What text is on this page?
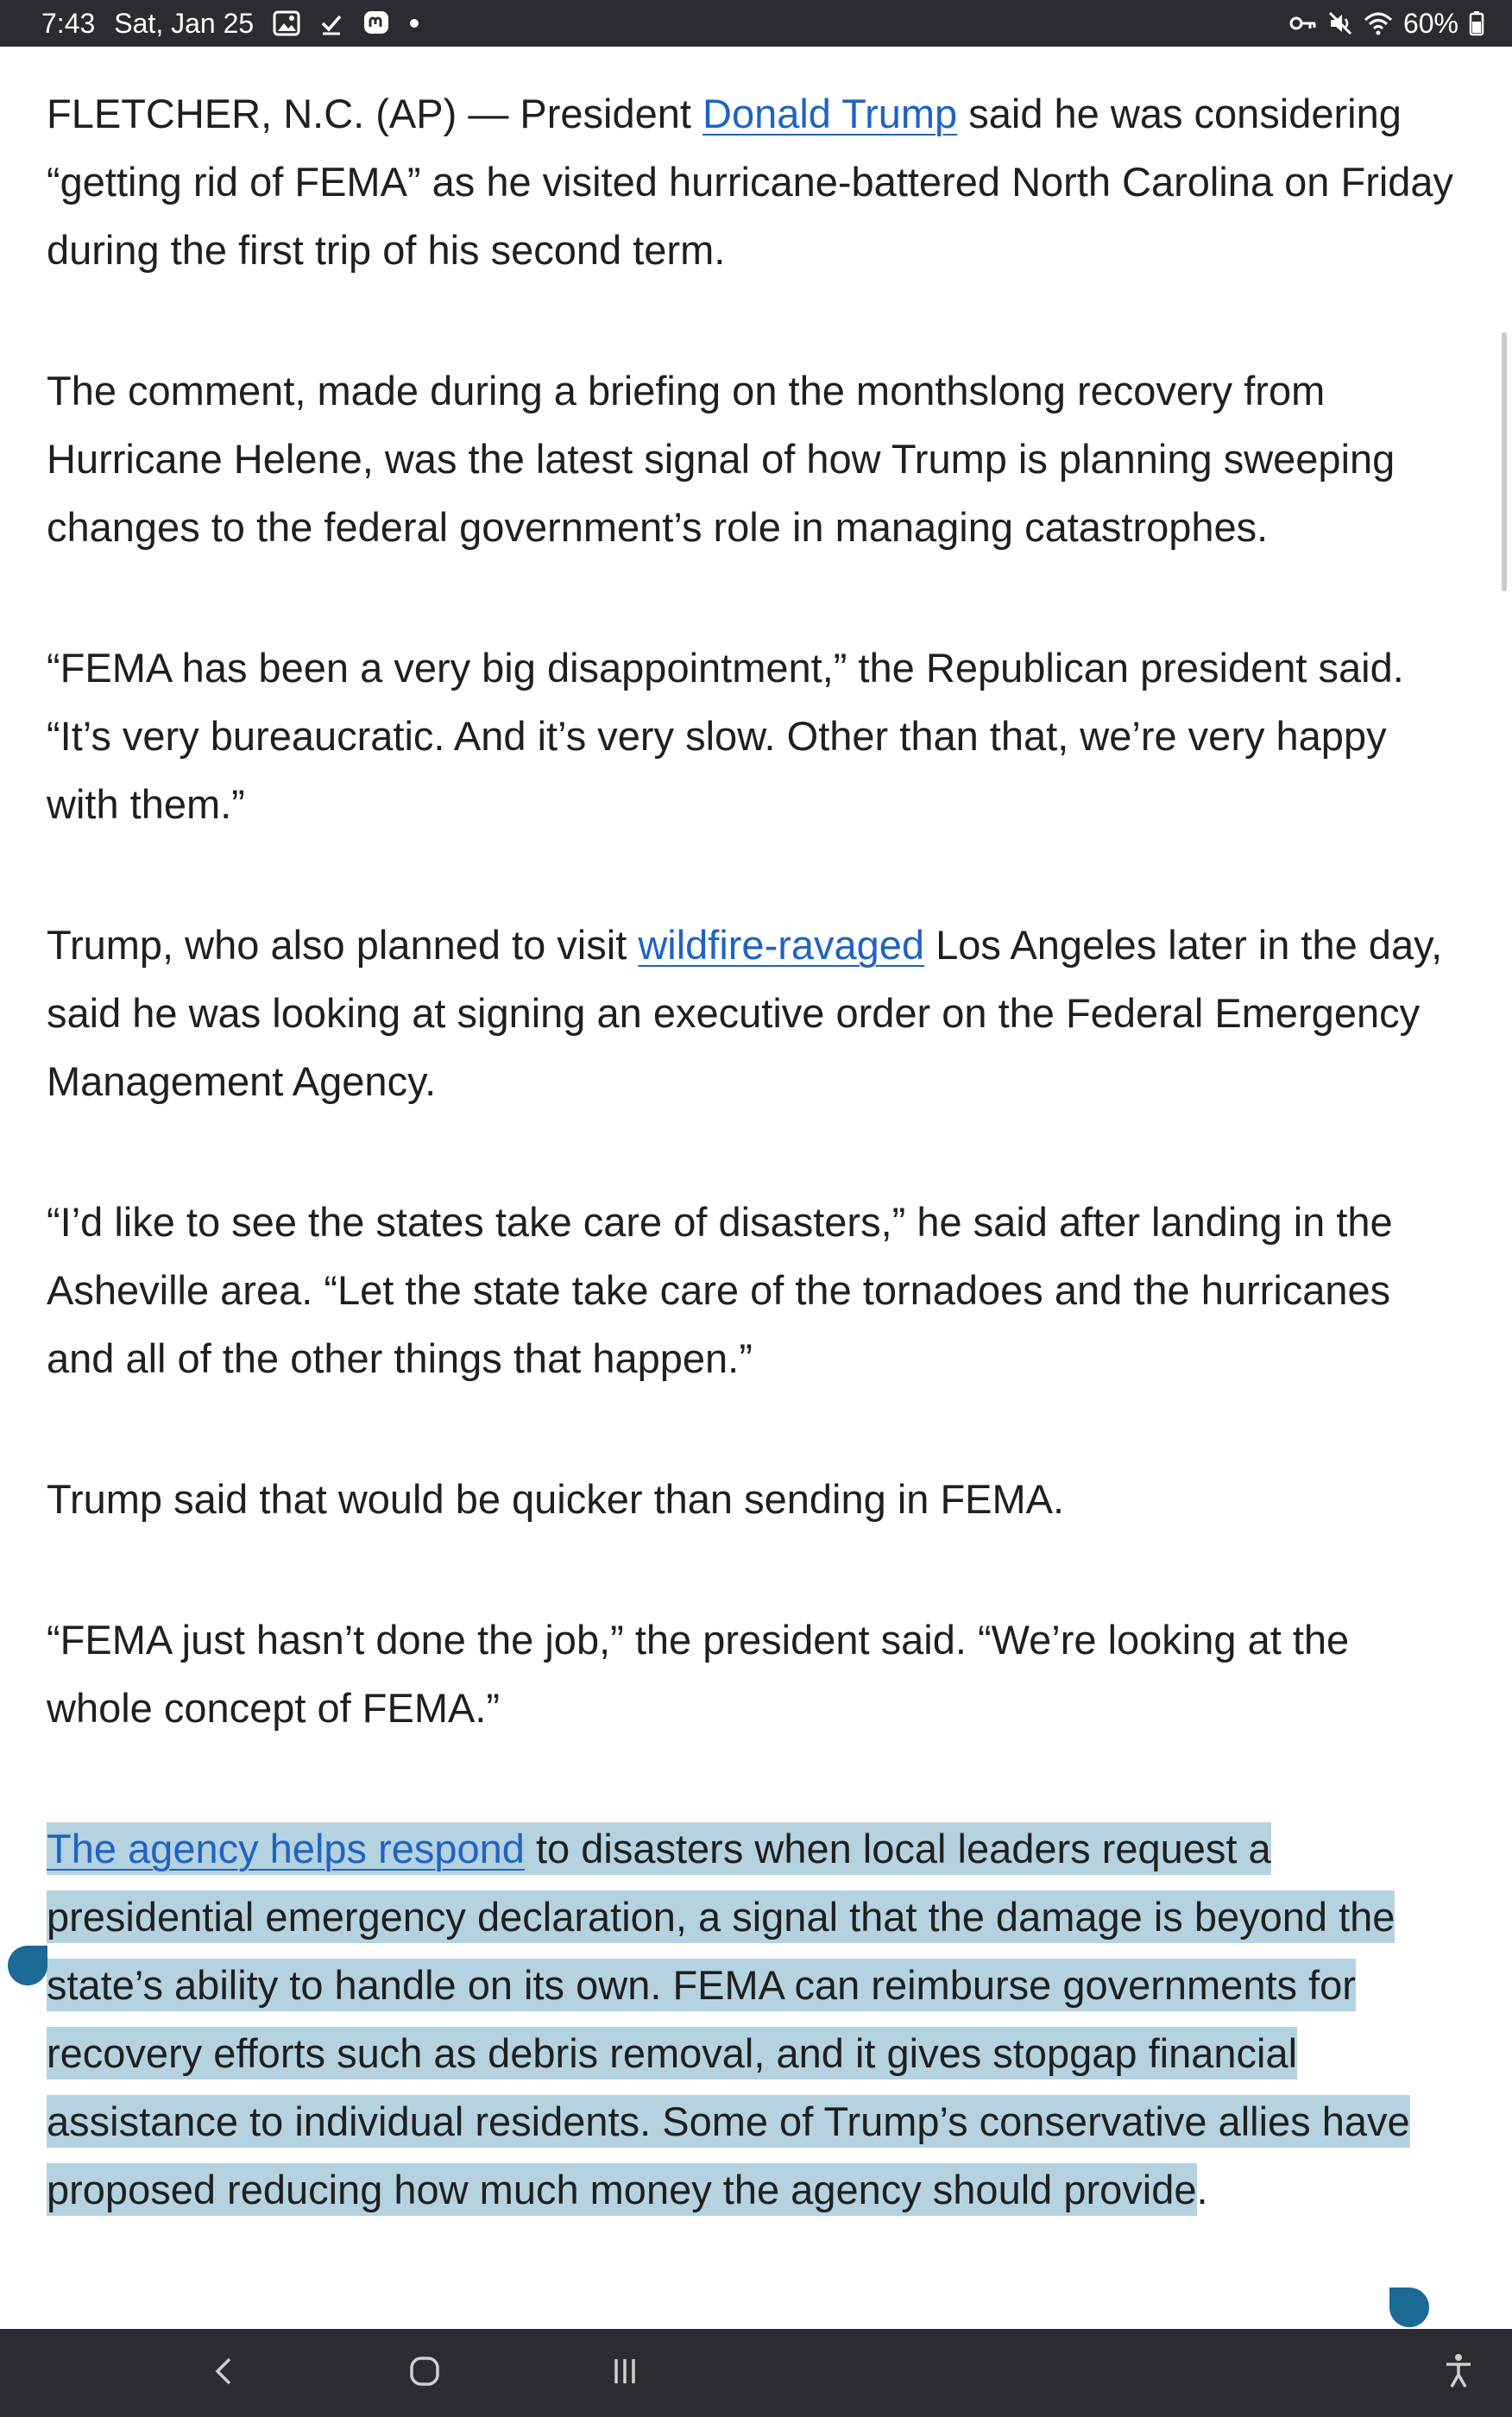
7:43 Sat, Jan 25	60%

FLETCHER, N.C. (AP) — President Donald Trump said he was considering “getting rid of FEMA” as he visited hurricane-battered North Carolina on Friday during the first trip of his second term.

The comment, made during a briefing on the monthslong recovery from Hurricane Helene, was the latest signal of how Trump is planning sweeping changes to the federal government’s role in managing catastrophes.

“FEMA has been a very big disappointment,” the Republican president said. “It’s very bureaucratic. And it’s very slow. Other than that, we’re very happy with them.”

Trump, who also planned to visit wildfire-ravaged Los Angeles later in the day, said he was looking at signing an executive order on the Federal Emergency Management Agency.

“I’d like to see the states take care of disasters,” he said after landing in the Asheville area. “Let the state take care of the tornadoes and the hurricanes and all of the other things that happen.”

Trump said that would be quicker than sending in FEMA.

“FEMA just hasn’t done the job,” the president said. “We’re looking at the whole concept of FEMA.”

The agency helps respond to disasters when local leaders request a presidential emergency declaration, a signal that the damage is beyond the state’s ability to handle on its own. FEMA can reimburse governments for recovery efforts such as debris removal, and it gives stopgap financial assistance to individual residents. Some of Trump’s conservative allies have proposed reducing how much money the agency should provide.
